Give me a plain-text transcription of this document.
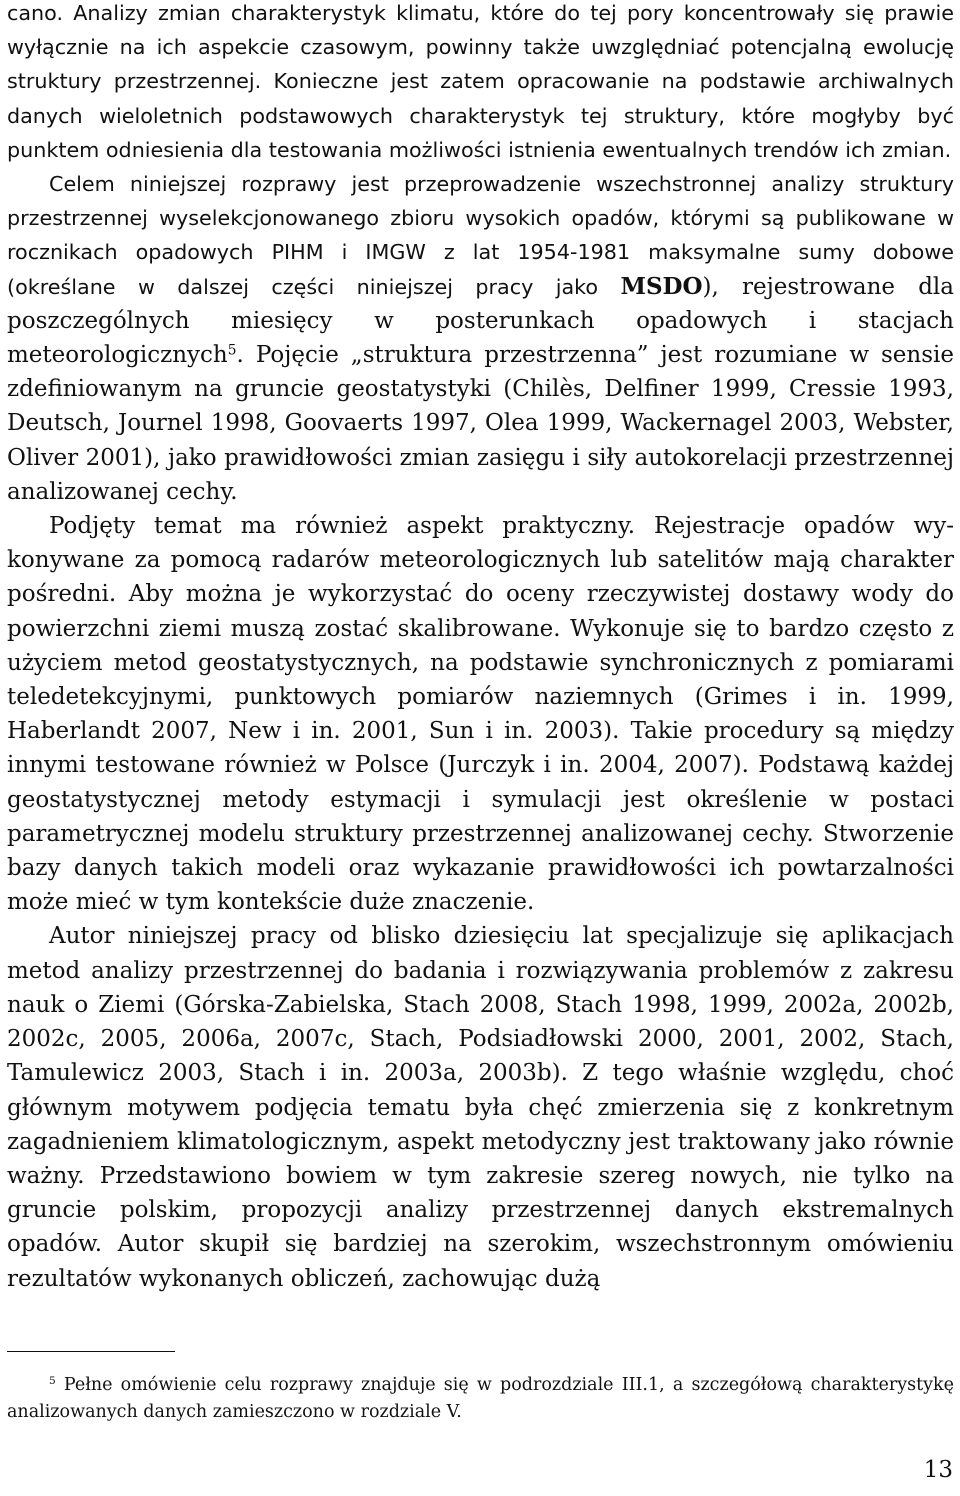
cano. Analizy zmian charakterystyk klimatu, które do tej pory koncentrowały się prawie wyłącznie na ich aspekcie czasowym, powinny także uwzględniać potencjalną ewolucję struktury przestrzennej. Konieczne jest zatem opracowanie na podstawie archiwalnych danych wieloletnich podstawowych charakterystyk tej struktury, które mogłyby być punktem odniesienia dla testowania możliwości istnienia ewentualnych trendów ich zmian.

Celem niniejszej rozprawy jest przeprowadzenie wszechstronnej analizy struktury przestrzennej wyselekcjonowanego zbioru wysokich opadów, którymi są publikowane w rocznikach opadowych PIHM i IMGW z lat 1954-1981 maksymalne sumy dobowe (określane w dalszej części niniejszej pracy jako MSDO), rejestrowane dla poszczególnych miesięcy w posterunkach opadowych i stacjach meteorologicznych$^5$. Pojęcie „struktura przestrzenna” jest rozumiane w sensie zdefiniowanym na gruncie geostatystyki (Chilès, Delfiner 1999, Cressie 1993, Deutsch, Journel 1998, Goovaerts 1997, Olea 1999, Wackernagel 2003, Webster, Oliver 2001), jako prawidłowości zmian zasięgu i siły autokorelacji przestrzennej analizowanej cechy.

Podjęty temat ma również aspekt praktyczny. Rejestracje opadów wykonywane za pomocą radarów meteorologicznych lub satelitów mają charakter pośredni. Aby można je wykorzystać do oceny rzeczywistej dostawy wody do powierzchni ziemi muszą zostać skalibrowane. Wykonuje się to bardzo często z użyciem metod geostatystycznych, na podstawie synchronicznych z pomiarami teledetekcyjnymi, punktowych pomiarów naziemnych (Grimes i in. 1999, Haberlandt 2007, New i in. 2001, Sun i in. 2003). Takie procedury są między innymi testowane również w Polsce (Jurczyk i in. 2004, 2007). Podstawą każdej geostatystycznej metody estymacji i symulacji jest określenie w postaci parametrycznej modelu struktury przestrzennej analizowanej cechy. Stworzenie bazy danych takich modeli oraz wykazanie prawidłowości ich powtarzalności może mieć w tym kontekście duże znaczenie.

Autor niniejszej pracy od blisko dziesięciu lat specjalizuje się aplikacjach metod analizy przestrzennej do badania i rozwiązywania problemów z zakresu nauk o Ziemi (Górska-Zabielska, Stach 2008, Stach 1998, 1999, 2002a, 2002b, 2002c, 2005, 2006a, 2007c, Stach, Podsiadłowski 2000, 2001, 2002, Stach, Tamulewicz 2003, Stach i in. 2003a, 2003b). Z tego właśnie względu, choć głównym motywem podjęcia tematu była chęć zmierzenia się z konkretnym zagadnieniem klimatologicznym, aspekt metodyczny jest traktowany jako równie ważny. Przedstawiono bowiem w tym zakresie szereg nowych, nie tylko na gruncie polskim, propozycji analizy przestrzennej danych ekstremalnych opadów. Autor skupił się bardziej na szerokim, wszechstronnym omówieniu rezultatów wykonanych obliczeń, zachowując dużą

$^5$ Pełne omówienie celu rozprawy znajduje się w podrozdziale III.1, a szczegółową charakterystykę analizowanych danych zamieszczono w rozdziale V.

13
